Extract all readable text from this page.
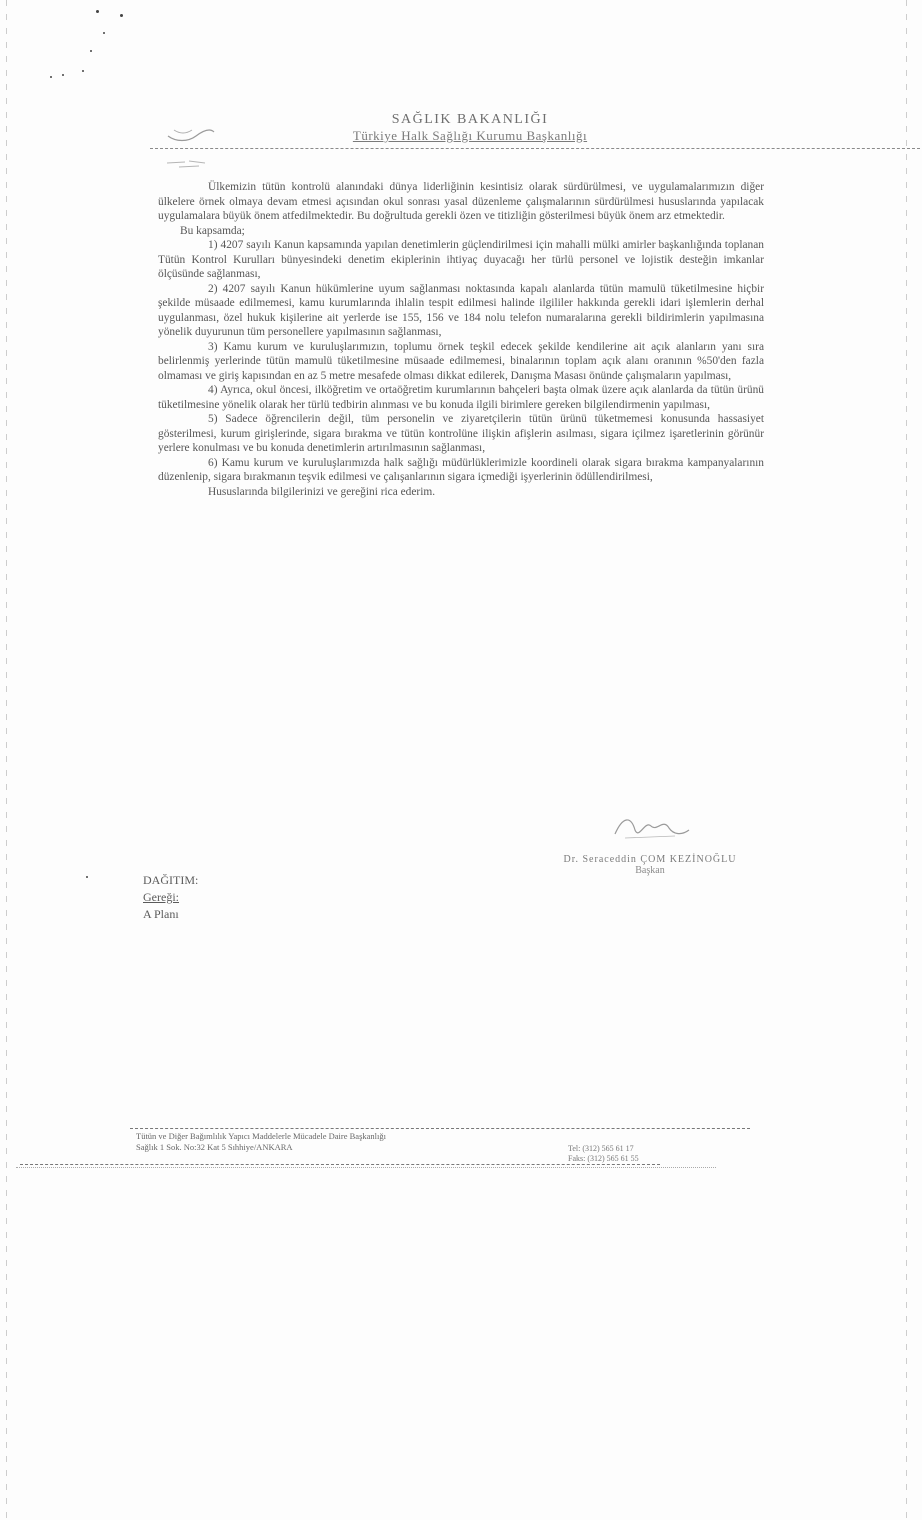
SAĞLIK BAKANLIĞI
Türkiye Halk Sağlığı Kurumu Başkanlığı

Ülkemizin tütün kontrolü alanındaki dünya liderliğinin kesintisiz olarak sürdürülmesi, ve uygulamalarımızın diğer ülkelere örnek olmaya devam etmesi açısından okul sonrası yasal düzenleme çalışmalarının sürdürülmesi hususlarında yapılacak uygulamalara büyük önem atfedilmektedir. Bu doğrultuda gerekli özen ve titizliğin gösterilmesi büyük önem arz etmektedir.

Bu kapsamda;

1) 4207 sayılı Kanun kapsamında yapılan denetimlerin güçlendirilmesi için mahalli mülki amirler başkanlığında toplanan Tütün Kontrol Kurulları bünyesindeki denetim ekiplerinin ihtiyaç duyacağı her türlü personel ve lojistik desteğin imkanlar ölçüsünde sağlanması,

2) 4207 sayılı Kanun hükümlerine uyum sağlanması noktasında kapalı alanlarda tütün mamulü tüketilmesine hiçbir şekilde müsaade edilmemesi, kamu kurumlarında ihlalin tespit edilmesi halinde ilgililer hakkında gerekli idari işlemlerin derhal uygulanması, özel hukuk kişilerine ait yerlerde ise 155, 156 ve 184 nolu telefon numaralarına gerekli bildirimlerin yapılmasına yönelik duyurunun tüm personellere yapılmasının sağlanması,

3) Kamu kurum ve kuruluşlarımızın, toplumu örnek teşkil edecek şekilde kendilerine ait açık alanların yanı sıra belirlenmiş yerlerinde tütün mamulü tüketilmesine müsaade edilmemesi, binalarının toplam açık alanı oranının %50'den fazla olmaması ve giriş kapısından en az 5 metre mesafede olması dikkat edilerek, Danışma Masası önünde çalışmaların yapılması,

4) Ayrıca, okul öncesi, ilköğretim ve ortaöğretim kurumlarının bahçeleri başta olmak üzere açık alanlarda da tütün ürünü tüketilmesine yönelik olarak her türlü tedbirin alınması ve bu konuda ilgili birimlere gereken bilgilendirmenin yapılması,

5) Sadece öğrencilerin değil, tüm personelin ve ziyaretçilerin tütün ürünü tüketmemesi konusunda hassasiyet gösterilmesi, kurum girişlerinde, sigara bırakma ve tütün kontrolüne ilişkin afişlerin asılması, sigara içilmez işaretlerinin görünür yerlere konulması ve bu konuda denetimlerin artırılmasının sağlanması,

6) Kamu kurum ve kuruluşlarımızda halk sağlığı müdürlüklerimizle koordineli olarak sigara bırakma kampanyalarının düzenlenip, sigara bırakmanın teşvik edilmesi ve çalışanlarının sigara içmediği işyerlerinin ödüllendirilmesi,

Hususlarında bilgilerinizi ve gereğini rica ederim.

Dr. Seraceddin ÇOM KEZİNOĞLU
Başkan
DAĞITIM:
Gereği:
A Planı
Tütün ve Diğer Bağımlılık Yapıcı Maddelerle Mücadele Daire Başkanlığı
Sağlık 1 Sok. No:32 Kat 5 Sıhhiye/ANKARA	Tel: (312) 565 61 17
Faks: (312) 565 61 55
